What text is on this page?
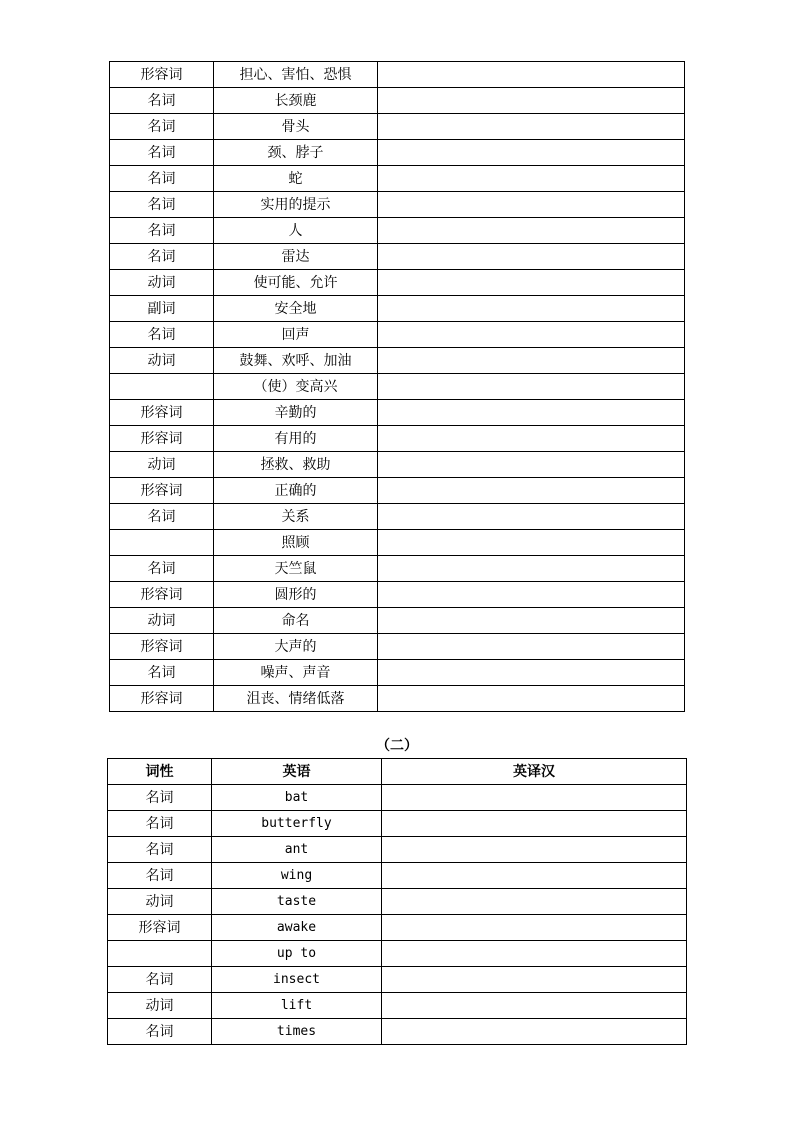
形容词	担心、害怕、恐惧	
名词	长颈鹿	
名词	骨头	
名词	颈、脖子	
名词	蛇	
名词	实用的提示	
名词	人	
名词	雷达	
动词	使可能、允许	
副词	安全地	
名词	回声	
动词	鼓舞、欢呼、加油	
	（使）变高兴	
形容词	辛勤的	
形容词	有用的	
动词	拯救、救助	
形容词	正确的	
名词	关系	
	照顾	
名词	天竺鼠	
形容词	圆形的	
动词	命名	
形容词	大声的	
名词	噪声、声音	
形容词	沮丧、情绪低落	
（二）
词性	英语	英译汉
名词	bat	
名词	butterfly	
名词	ant	
名词	wing	
动词	taste	
形容词	awake	
	up to	
名词	insect	
动词	lift	
名词	times	
